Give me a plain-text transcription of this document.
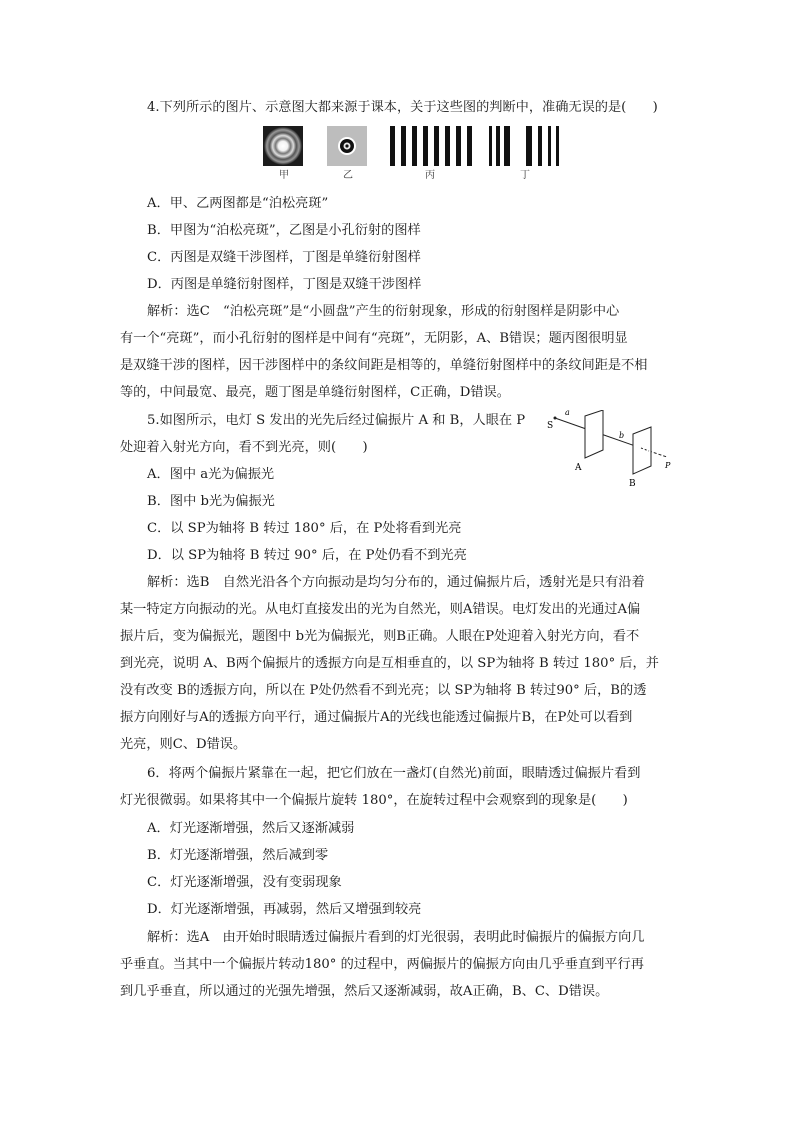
4.下列所示的图片、示意图大都来源于课本，关于这些图的判断中，准确无误的是(　　)
甲	乙	丙	丁
A．甲、乙两图都是“泊松亮斑”
B．甲图为“泊松亮斑”，乙图是小孔衍射的图样
C．丙图是双缝干涉图样，丁图是单缝衍射图样
D．丙图是单缝衍射图样，丁图是双缝干涉图样
解析：选C　“泊松亮斑”是“小圆盘”产生的衍射现象，形成的衍射图样是阴影中心
有一个“亮斑”，而小孔衍射的图样是中间有“亮斑”，无阴影，A、B错误；题丙图很明显
是双缝干涉的图样，因干涉图样中的条纹间距是相等的，单缝衍射图样中的条纹间距是不相
等的，中间最宽、最亮，题丁图是单缝衍射图样，C正确，D错误。
5.如图所示，电灯 S 发出的光先后经过偏振片 A 和 B，人眼在 P
处迎着入射光方向，看不到光亮，则(　　)
S
a
b
A
B
P
A．图中 a光为偏振光
B．图中 b光为偏振光
C．以 SP为轴将 B 转过 180° 后，在 P处将看到光亮
D．以 SP为轴将 B 转过 90° 后，在 P处仍看不到光亮
解析：选B　自然光沿各个方向振动是均匀分布的，通过偏振片后，透射光是只有沿着
某一特定方向振动的光。从电灯直接发出的光为自然光，则A错误。电灯发出的光通过A偏
振片后，变为偏振光，题图中 b光为偏振光，则B正确。人眼在P处迎着入射光方向，看不
到光亮，说明 A、B两个偏振片的透振方向是互相垂直的，以 SP为轴将 B 转过 180° 后，并
没有改变 B的透振方向，所以在 P处仍然看不到光亮；以 SP为轴将 B 转过90° 后，B的透
振方向刚好与A的透振方向平行，通过偏振片A的光线也能透过偏振片B，在P处可以看到
光亮，则C、D错误。
6．将两个偏振片紧靠在一起，把它们放在一盏灯(自然光)前面，眼睛透过偏振片看到
灯光很微弱。如果将其中一个偏振片旋转 180°，在旋转过程中会观察到的现象是(　　)
A．灯光逐渐增强，然后又逐渐减弱
B．灯光逐渐增强，然后减到零
C．灯光逐渐增强，没有变弱现象
D．灯光逐渐增强，再减弱，然后又增强到较亮
解析：选A　由开始时眼睛透过偏振片看到的灯光很弱，表明此时偏振片的偏振方向几
乎垂直。当其中一个偏振片转动180° 的过程中，两偏振片的偏振方向由几乎垂直到平行再
到几乎垂直，所以通过的光强先增强，然后又逐渐减弱，故A正确，B、C、D错误。
